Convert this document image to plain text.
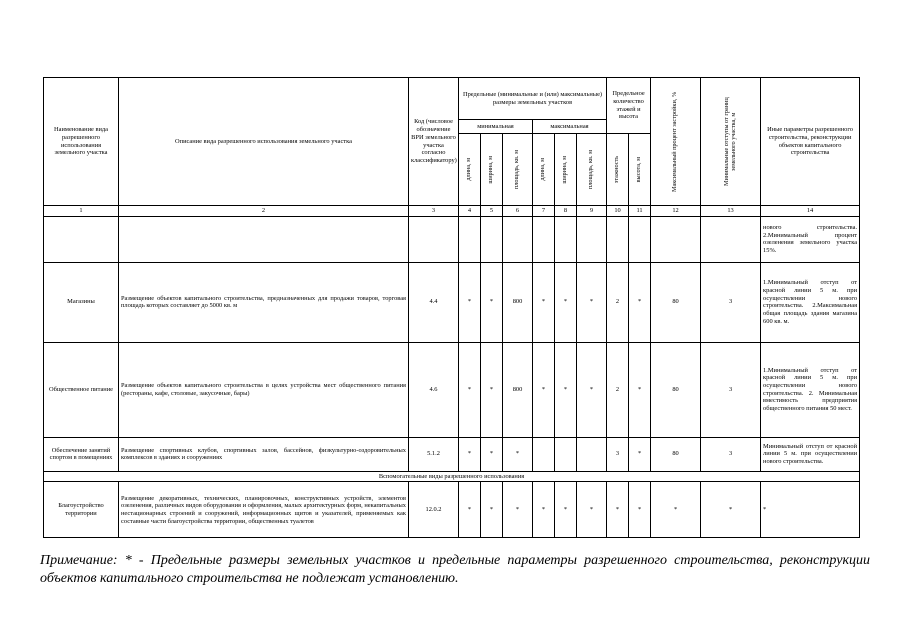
Наименование вида разрешенного использования земельного участка	Описание вида разрешенного использования земельного участка	Код (числовое обозначение ВРИ земельного участка согласно классификатору)	Предельные (минимальные и (или) максимальные) размеры земельных участков						Предельное количество этажей и высота		Максимальный процент застройки, %	Минимальные отступы от границ земельного участка, м	Иные параметры разрешенного строительства, реконструкции объектов капитального строительства
			минимальная			максимальная							

			длина, м	ширина, м	площадь, кв. м	длина, м	ширина, м	площадь, кв. м	этажность	высота, м			

1	2	3	4	5	6	7	8	9	10	11	12	13	14
													нового строительства. 2.Минимальный процент озеленения земельного участка 15%.
Магазины	Размещение объектов капитального строительства, предназначенных для продажи товаров, торговая площадь которых составляет до 5000 кв. м	4.4	*	*	800	*	*	*	2	*	80	3	1.Минимальный отступ от красной линии 5 м. при осуществлении нового строительства. 2.Максимальная общая площадь здания магазина 600 кв. м.
Общественное питание	Размещение объектов капитального строительства в целях устройства мест общественного питания (рестораны, кафе, столовые, закусочные, бары)	4.6	*	*	800	*	*	*	2	*	80	3	1.Минимальный отступ от красной линии 5 м. при осуществлении нового строительства. 2. Минимальная вместимость предприятия общественного питания 50 мест.
Обеспечение занятий спортом в помещениях	Размещение спортивных клубов, спортивных залов, бассейнов, физкультурно-оздоровительных комплексов в зданиях и сооружениях	5.1.2	*	*	*				3	*	80	3	Минимальный отступ от красной линии 5 м. при осуществлении нового строительства.
Вспомогательные виды разрешенного использования													
Благоустройство территории	Размещение декоративных, технических, планировочных, конструктивных устройств, элементов озеленения, различных видов оборудования и оформления, малых архитектурных форм, некапитальных нестационарных строений и сооружений, информационных щитов и указателей, применяемых как составные части благоустройства территории, общественных туалетов	12.0.2	*	*	*	*	*	*	*	*	*	*	*
Примечание: * - Предельные размеры земельных участков и предельные параметры разрешенного строительства, реконструкции объектов капитального строительства не подлежат установлению.
